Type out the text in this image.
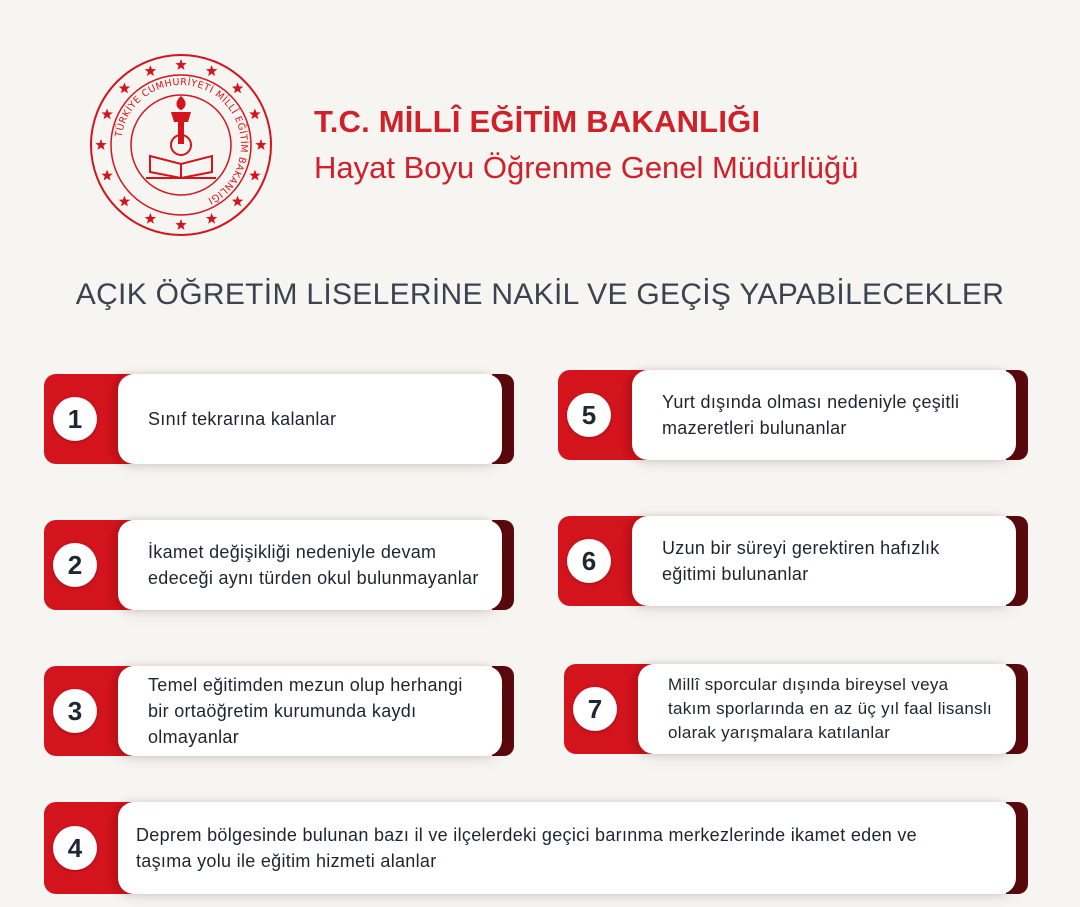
TÜRKİYE CUMHURİYETİ MİLLÎ EĞİTİM BAKANLIĞI
T.C. MİLLÎ EĞİTİM BAKANLIĞI
Hayat Boyu Öğrenme Genel Müdürlüğü
AÇIK ÖĞRETİM LİSELERİNE NAKİL VE GEÇİŞ YAPABİLECEKLER
1	Sınıf tekrarına kalanlar	5	Yurt dışında olması nedeniyle çeşitli mazeretleri bulunanlar
2	İkamet değişikliği nedeniyle devam edeceği aynı türden okul bulunmayanlar
6	Uzun bir süreyi gerektiren hafızlık eğitimi bulunanlar
3
Temel eğitimden mezun olup herhangi bir ortaöğretim kurumunda kaydı olmayanlar
7
Millî sporcular dışında bireysel veya takım sporlarında en az üç yıl faal lisanslı olarak yarışmalara katılanlar
4	Deprem bölgesinde bulunan bazı il ve ilçelerdeki geçici barınma merkezlerinde ikamet eden ve taşıma yolu ile eğitim hizmeti alanlar
